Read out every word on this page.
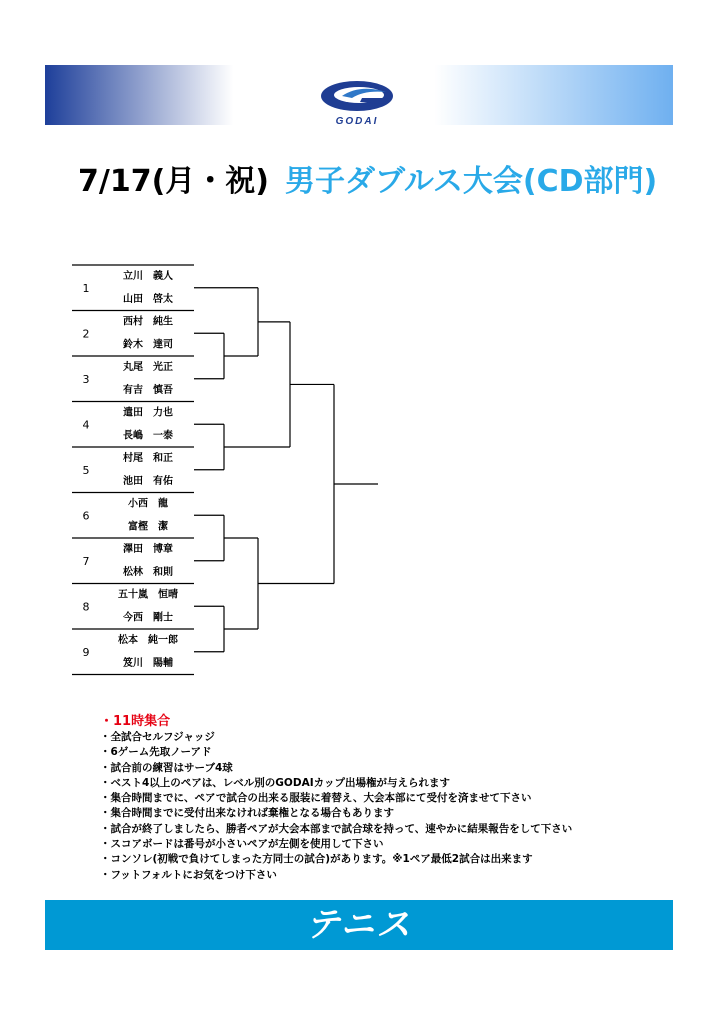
GODAI
7/17(月・祝) 男子ダブルス大会(CD部門)
1
立川　義人
山田　啓太
2
西村　純生
鈴木　達司
3
丸尾　光正
有吉　慎吾
4
遣田　力也
長嶋　一泰
5
村尾　和正
池田　有佑
6
小西　龍
富樫　潔
7
澤田　博章
松林　和則
8
五十嵐　恒晴
今西　剛士
9
松本　純一郎
笈川　陽輔
・11時集合
・全試合セルフジャッジ
・6ゲーム先取ノーアド
・試合前の練習はサーブ4球
・ベスト4以上のペアは、レベル別のGODAIカップ出場権が与えられます
・集合時間までに、ペアで試合の出来る服装に着替え、大会本部にて受付を済ませて下さい
・集合時間までに受付出来なければ棄権となる場合もあります
・試合が終了しましたら、勝者ペアが大会本部まで試合球を持って、速やかに結果報告をして下さい
・スコアボードは番号が小さいペアが左側を使用して下さい
・コンソレ(初戦で負けてしまった方同士の試合)があります。※1ペア最低2試合は出来ます
・フットフォルトにお気をつけ下さい
テニス
